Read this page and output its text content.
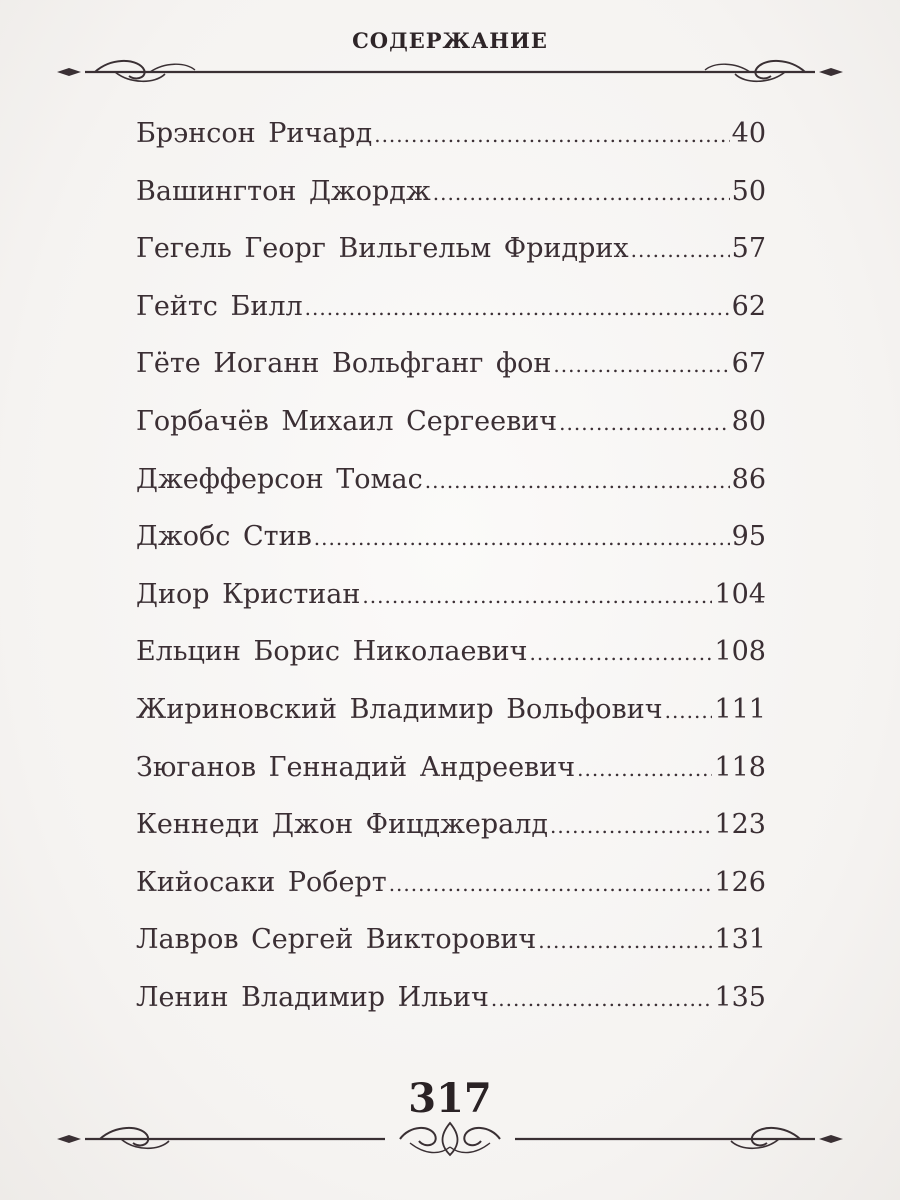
СОДЕРЖАНИЕ
Брэнсон Ричард .....	40
Вашингтон Джордж .....	50
Гегель Георг Вильгельм Фридрих .....	57
Гейтс Билл .....	62
Гёте Иоганн Вольфганг фон .....	67
Горбачёв Михаил Сергеевич .....	80
Джефферсон Томас .....	86
Джобс Стив .....	95
Диор Кристиан .....	104
Ельцин Борис Николаевич .....	108
Жириновский Владимир Вольфович ..... 111
Зюганов Геннадий Андреевич .....	118
Кеннеди Джон Фицджералд .....	123
Кийосаки Роберт .....	126
Лавров Сергей Викторович .....	131
Ленин Владимир Ильич .....	135
317
